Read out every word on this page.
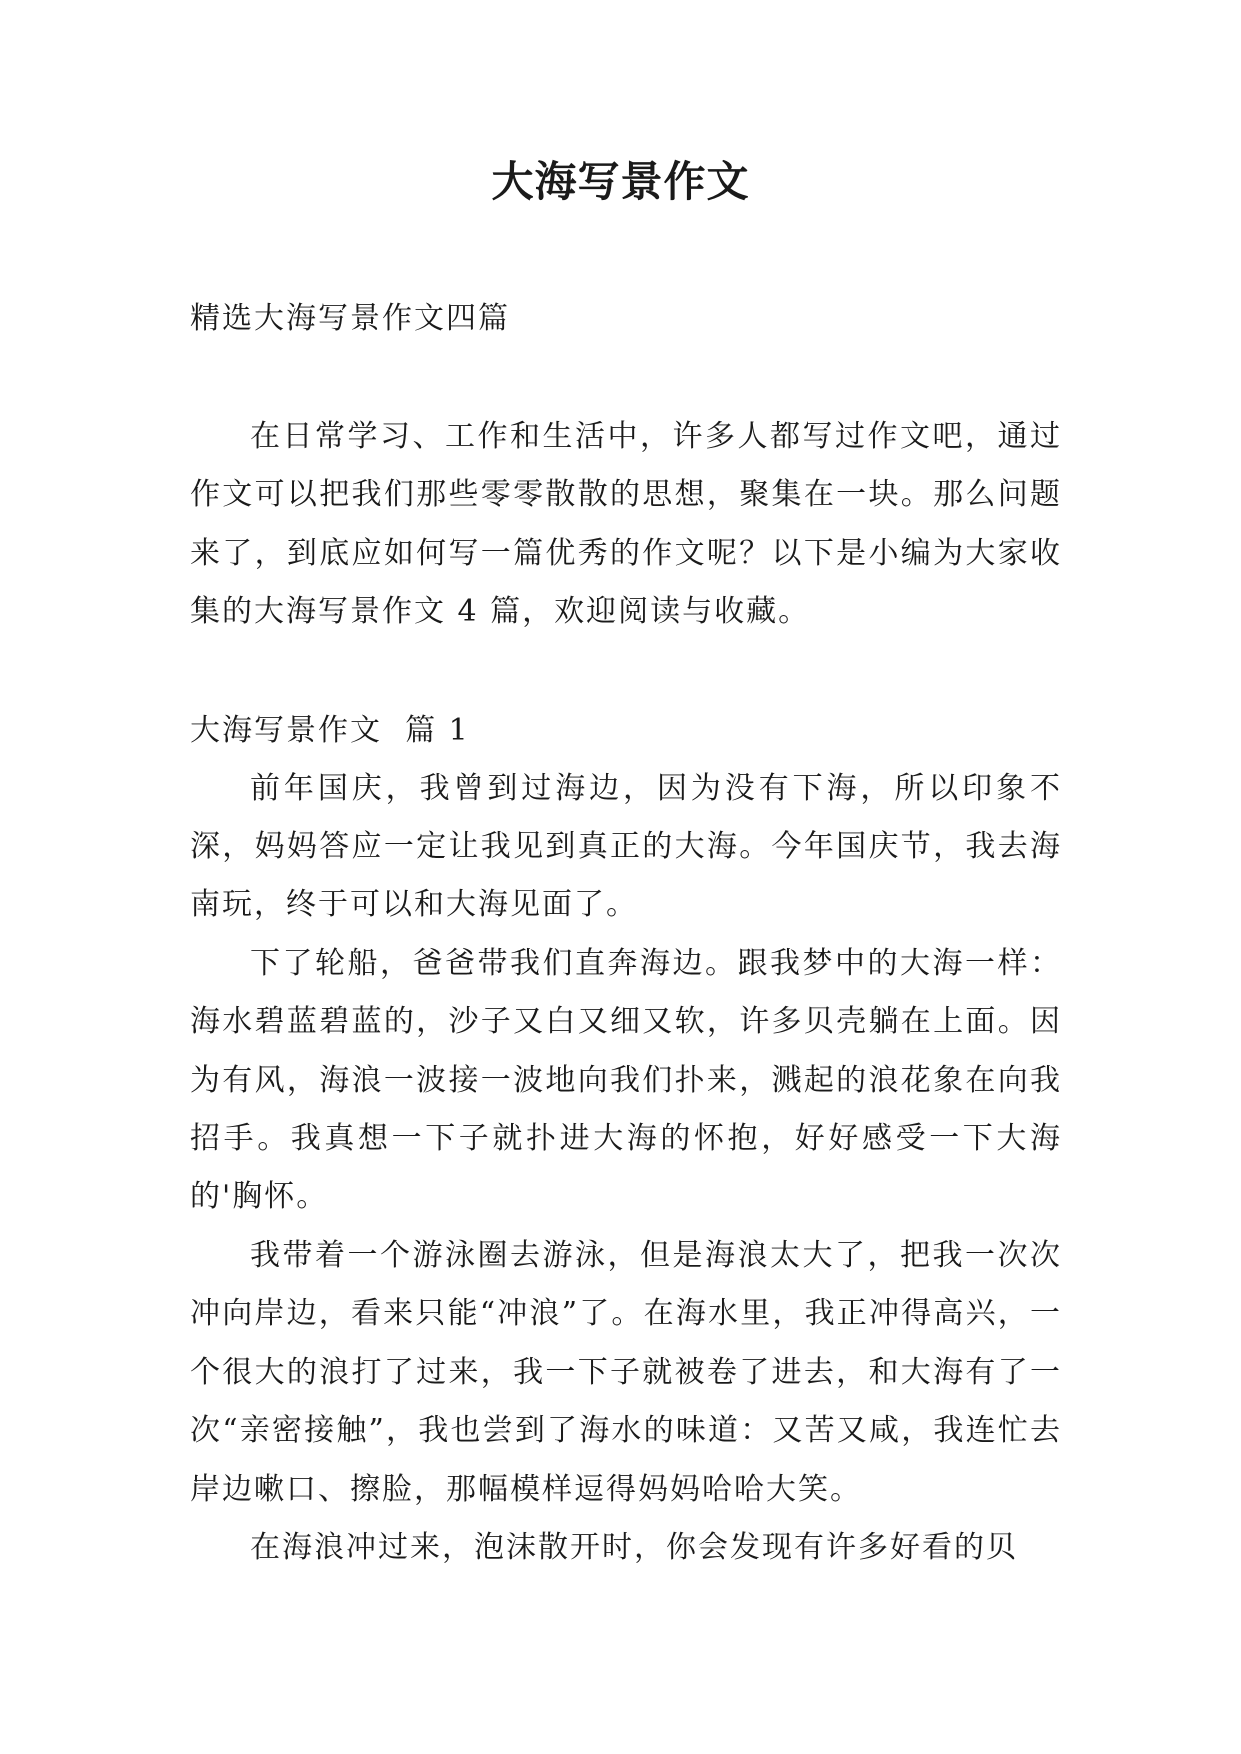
大海写景作文

精选大海写景作文四篇

在日常学习、工作和生活中，许多人都写过作文吧，通过作文可以把我们那些零零散散的思想，聚集在一块。那么问题来了，到底应如何写一篇优秀的作文呢？以下是小编为大家收集的大海写景作文 4 篇，欢迎阅读与收藏。

大海写景作文  篇 1

前年国庆，我曾到过海边，因为没有下海，所以印象不深，妈妈答应一定让我见到真正的大海。今年国庆节，我去海南玩，终于可以和大海见面了。

下了轮船，爸爸带我们直奔海边。跟我梦中的大海一样：海水碧蓝碧蓝的，沙子又白又细又软，许多贝壳躺在上面。因为有风，海浪一波接一波地向我们扑来，溅起的浪花象在向我招手。我真想一下子就扑进大海的怀抱，好好感受一下大海的'胸怀。

我带着一个游泳圈去游泳，但是海浪太大了，把我一次次冲向岸边，看来只能“冲浪”了。在海水里，我正冲得高兴，一个很大的浪打了过来，我一下子就被卷了进去，和大海有了一次“亲密接触”，我也尝到了海水的味道：又苦又咸，我连忙去岸边嗽口、擦脸，那幅模样逗得妈妈哈哈大笑。

在海浪冲过来，泡沫散开时，你会发现有许多好看的贝
